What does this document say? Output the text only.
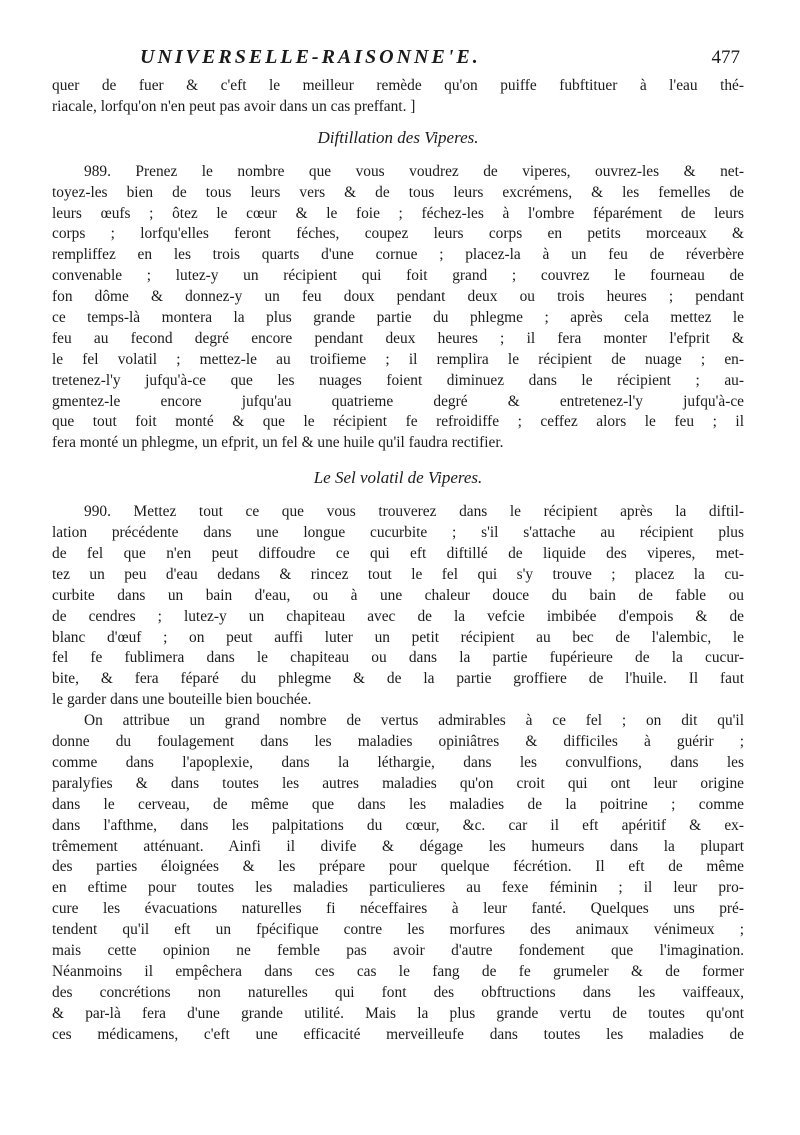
UNIVERSELLE-RAISONNE'E.	477
quer de fuer & c'eft le meilleur remède qu'on puiffe fubftituer à l'eau thé-
riacale, lorfqu'on n'en peut pas avoir dans un cas preffant. ]
Diftillation des Viperes.
989. Prenez le nombre que vous voudrez de viperes, ouvrez-les & net-
toyez-les bien de tous leurs vers & de tous leurs excrémens, & les femelles de
leurs œufs ; ôtez le cœur & le foie ; féchez-les à l'ombre féparément de leurs
corps ; lorfqu'elles feront féches, coupez leurs corps en petits morceaux &
rempliffez en les trois quarts d'une cornue ; placez-la à un feu de réverbère
convenable ; lutez-y un récipient qui foit grand ; couvrez le fourneau de
fon dôme & donnez-y un feu doux pendant deux ou trois heures ; pendant
ce temps-là montera la plus grande partie du phlegme ; après cela mettez le
feu au fecond degré encore pendant deux heures ; il fera monter l'efprit &
le fel volatil ; mettez-le au troifieme ; il remplira le récipient de nuage ; en-
tretenez-l'y jufqu'à-ce que les nuages foient diminuez dans le récipient ; au-
gmentez-le encore jufqu'au quatrieme degré & entretenez-l'y jufqu'à-ce
que tout foit monté & que le récipient fe refroidiffe ; ceffez alors le feu ; il
fera monté un phlegme, un efprit, un fel & une huile qu'il faudra rectifier.
Le Sel volatil de Viperes.
990. Mettez tout ce que vous trouverez dans le récipient après la diftil-
lation précédente dans une longue cucurbite ; s'il s'attache au récipient plus
de fel que n'en peut diffoudre ce qui eft diftillé de liquide des viperes, met-
tez un peu d'eau dedans & rincez tout le fel qui s'y trouve ; placez la cu-
curbite dans un bain d'eau, ou à une chaleur douce du bain de fable ou
de cendres ; lutez-y un chapiteau avec de la vefcie imbibée d'empois & de
blanc d'œuf ; on peut auffi luter un petit récipient au bec de l'alembic, le
fel fe fublimera dans le chapiteau ou dans la partie fupérieure de la cucur-
bite, & fera féparé du phlegme & de la partie groffiere de l'huile. Il faut
le garder dans une bouteille bien bouchée.
On attribue un grand nombre de vertus admirables à ce fel ; on dit qu'il
donne du foulagement dans les maladies opiniâtres & difficiles à guérir ;
comme dans l'apoplexie, dans la léthargie, dans les convulfions, dans les
paralyfies & dans toutes les autres maladies qu'on croit qui ont leur origine
dans le cerveau, de même que dans les maladies de la poitrine ; comme
dans l'afthme, dans les palpitations du cœur, &c. car il eft apéritif & ex-
trêmement atténuant. Ainfi il divife & dégage les humeurs dans la plupart
des parties éloignées & les prépare pour quelque fécrétion. Il eft de même
en eftime pour toutes les maladies particulieres au fexe féminin ; il leur pro-
cure les évacuations naturelles fi néceffaires à leur fanté. Quelques uns pré-
tendent qu'il eft un fpécifique contre les morfures des animaux vénimeux ;
mais cette opinion ne femble pas avoir d'autre fondement que l'imagination.
Néanmoins il empêchera dans ces cas le fang de fe grumeler & de former
des concrétions non naturelles qui font des obftructions dans les vaiffeaux,
& par-là fera d'une grande utilité. Mais la plus grande vertu de toutes qu'ont
ces médicamens, c'eft une efficacité merveilleufe dans toutes les maladies de
